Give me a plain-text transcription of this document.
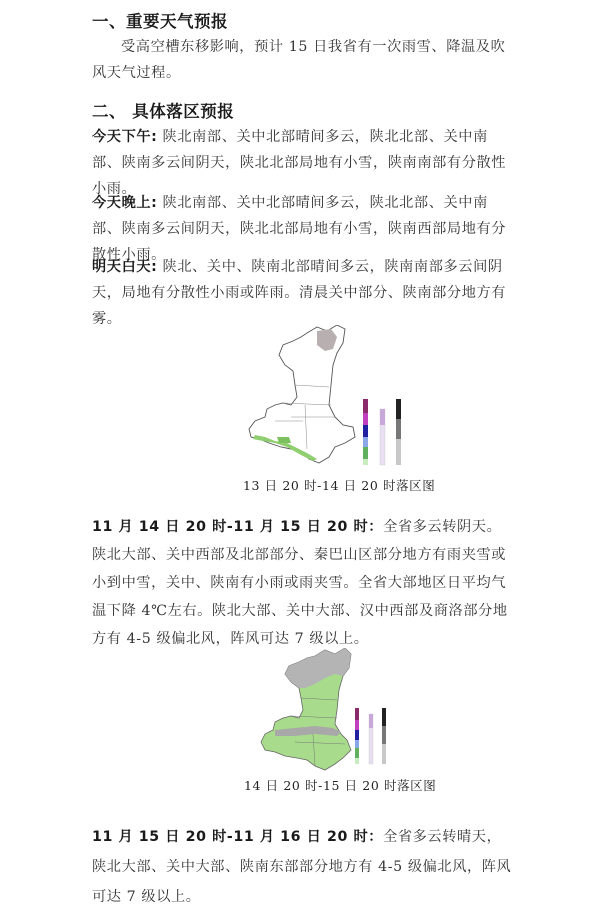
一、重要天气预报
受高空槽东移影响，预计 15 日我省有一次雨雪、降温及吹风天气过程。
二、 具体落区预报
今天下午: 陕北南部、关中北部晴间多云，陕北北部、关中南部、陕南多云间阴天，陕北北部局地有小雪，陕南南部有分散性小雨。
今天晚上: 陕北南部、关中北部晴间多云，陕北北部、关中南部、陕南多云间阴天，陕北北部局地有小雪，陕南西部局地有分散性小雨。
明天白天: 陕北、关中、陕南北部晴间多云，陕南南部多云间阴天，局地有分散性小雨或阵雨。清晨关中部分、陕南部分地方有雾。
13 日 20 时-14 日 20 时落区图
11 月 14 日 20 时-11 月 15 日 20 时：全省多云转阴天。陕北大部、关中西部及北部部分、秦巴山区部分地方有雨夹雪或小到中雪，关中、陕南有小雨或雨夹雪。全省大部地区日平均气温下降 4℃左右。陕北大部、关中大部、汉中西部及商洛部分地方有 4-5 级偏北风，阵风可达 7 级以上。
14 日 20 时-15 日 20 时落区图
11 月 15 日 20 时-11 月 16 日 20 时：全省多云转晴天，陕北大部、关中大部、陕南东部部分地方有 4-5 级偏北风，阵风可达 7 级以上。
